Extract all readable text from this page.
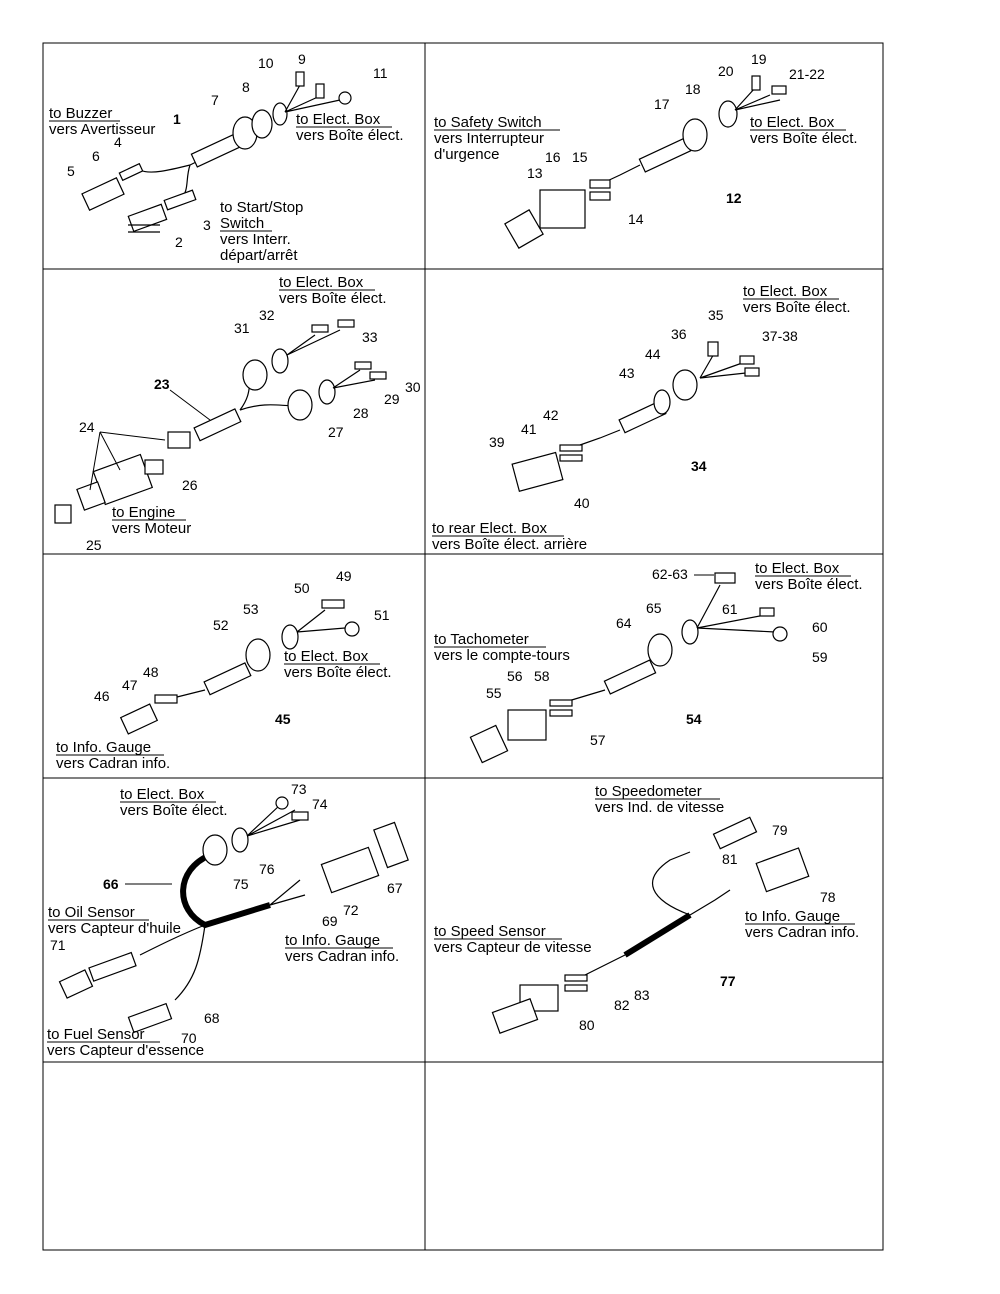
to Buzzer
vers Avertisseur
to Elect. Box
vers Boîte élect.
to Start/Stop
Switch
vers Interr.
départ/arrêt
1
2
3
4
5
6
7
8
9
10
11
to Safety Switch
vers Interrupteur
d'urgence
to Elect. Box
vers Boîte élect.
12
13
14
15
16
17
18
19
20	21-22
to Elect. Box
vers Boîte élect.
to Engine
vers Moteur
23
24
25
26
27
28
29
30
31
32
33
to Elect. Box
vers Boîte élect.
to rear Elect. Box
vers Boîte élect. arrière
34
35
36	37-38
39
40
41
42
43
44
to Elect. Box
vers Boîte élect.
to Info. Gauge
vers Cadran info.
45
46
47
48
49
50
51
52
53
to Elect. Box
vers Boîte élect.
to Tachometer
vers le compte-tours
54
55
56
57
58
59
60
61
62-63
64
65
to Elect. Box
vers Boîte élect.
to Oil Sensor
vers Capteur d'huile
to Info. Gauge
vers Cadran info.
to Fuel Sensor
vers Capteur d'essence
66	67
68
69
70
71
72
73
74
75
76
to Speedometer
vers Ind. de vitesse
to Speed Sensor
vers Capteur de vitesse
to Info. Gauge
vers Cadran info.
77
78
79
80
81
82
83
